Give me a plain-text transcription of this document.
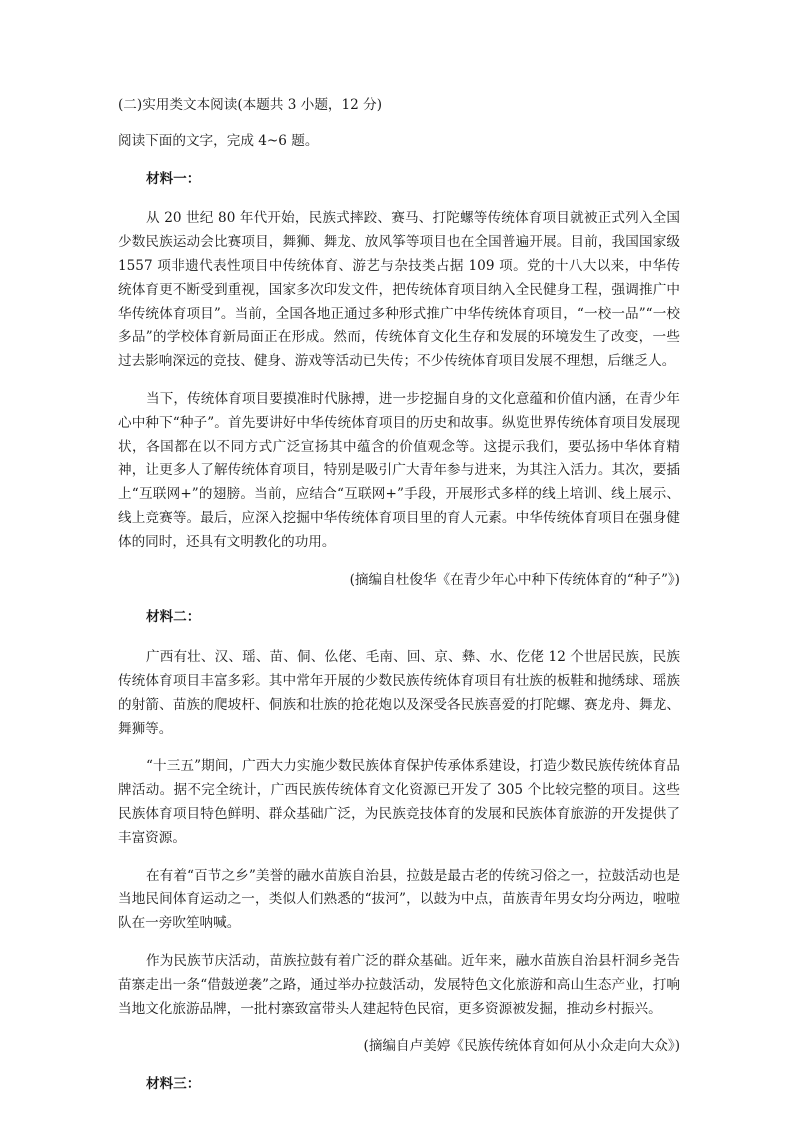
(二)实用类文本阅读(本题共 3 小题，12 分)

阅读下面的文字，完成 4~6 题。

材料一：

从 20 世纪 80 年代开始，民族式摔跤、赛马、打陀螺等传统体育项目就被正式列入全国少数民族运动会比赛项目，舞狮、舞龙、放风筝等项目也在全国普遍开展。目前，我国国家级 1557 项非遗代表性项目中传统体育、游艺与杂技类占据 109 项。党的十八大以来，中华传统体育更不断受到重视，国家多次印发文件，把传统体育项目纳入全民健身工程，强调推广中华传统体育项目”。当前，全国各地正通过多种形式推广中华传统体育项目，“一校一品”“一校多品”的学校体育新局面正在形成。然而，传统体育文化生存和发展的环境发生了改变，一些过去影响深远的竞技、健身、游戏等活动已失传；不少传统体育项目发展不理想，后继乏人。

当下，传统体育项目要摸准时代脉搏，进一步挖掘自身的文化意蕴和价值内涵，在青少年心中种下“种子”。首先要讲好中华传统体育项目的历史和故事。纵览世界传统体育项目发展现状，各国都在以不同方式广泛宣扬其中蕴含的价值观念等。这提示我们，要弘扬中华体育精神，让更多人了解传统体育项目，特别是吸引广大青年参与进来，为其注入活力。其次，要插上“互联网+”的翅膀。当前，应结合“互联网+”手段，开展形式多样的线上培训、线上展示、线上竞赛等。最后，应深入挖掘中华传统体育项目里的育人元素。中华传统体育项目在强身健体的同时，还具有文明教化的功用。

(摘编自杜俊华《在青少年心中种下传统体育的“种子”》)

材料二：

广西有壮、汉、瑶、苗、侗、仫佬、毛南、回、京、彝、水、仡佬 12 个世居民族，民族传统体育项目丰富多彩。其中常年开展的少数民族传统体育项目有壮族的板鞋和抛绣球、瑶族的射箭、苗族的爬坡杆、侗族和壮族的抢花炮以及深受各民族喜爱的打陀螺、赛龙舟、舞龙、舞狮等。

“十三五”期间，广西大力实施少数民族体育保护传承体系建设，打造少数民族传统体育品牌活动。据不完全统计，广西民族传统体育文化资源已开发了 305 个比较完整的项目。这些民族体育项目特色鲜明、群众基础广泛，为民族竞技体育的发展和民族体育旅游的开发提供了丰富资源。

在有着“百节之乡”美誉的融水苗族自治县，拉鼓是最古老的传统习俗之一，拉鼓活动也是当地民间体育运动之一，类似人们熟悉的“拔河”，以鼓为中点，苗族青年男女均分两边，啦啦队在一旁吹笙呐喊。

作为民族节庆活动，苗族拉鼓有着广泛的群众基础。近年来，融水苗族自治县杆洞乡尧告苗寨走出一条“借鼓逆袭”之路，通过举办拉鼓活动，发展特色文化旅游和高山生态产业，打响当地文化旅游品牌，一批村寨致富带头人建起特色民宿，更多资源被发掘，推动乡村振兴。

(摘编自卢美婷《民族传统体育如何从小众走向大众》)

材料三：
